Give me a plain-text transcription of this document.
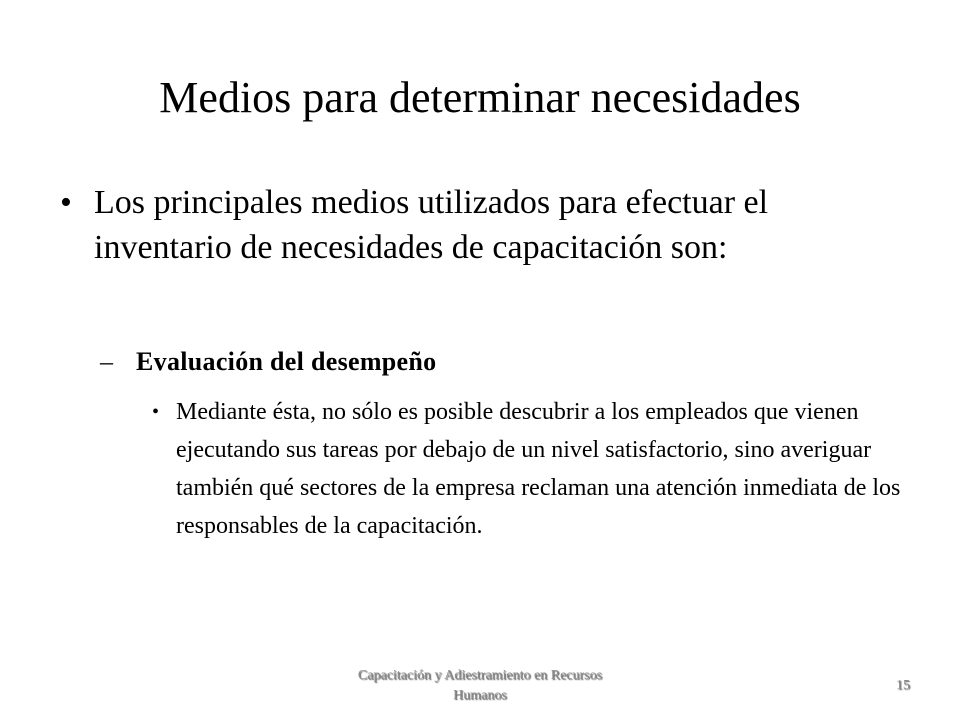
Medios para determinar necesidades
• Los principales medios utilizados para efectuar el inventario de necesidades de capacitación son:
– Evaluación del desempeño
• Mediante ésta, no sólo es posible descubrir a los empleados que vienen ejecutando sus tareas por debajo de un nivel satisfactorio, sino averiguar también qué sectores de la empresa reclaman una atención inmediata de los responsables de la capacitación.
Capacitación y Adiestramiento en Recursos Humanos
15
